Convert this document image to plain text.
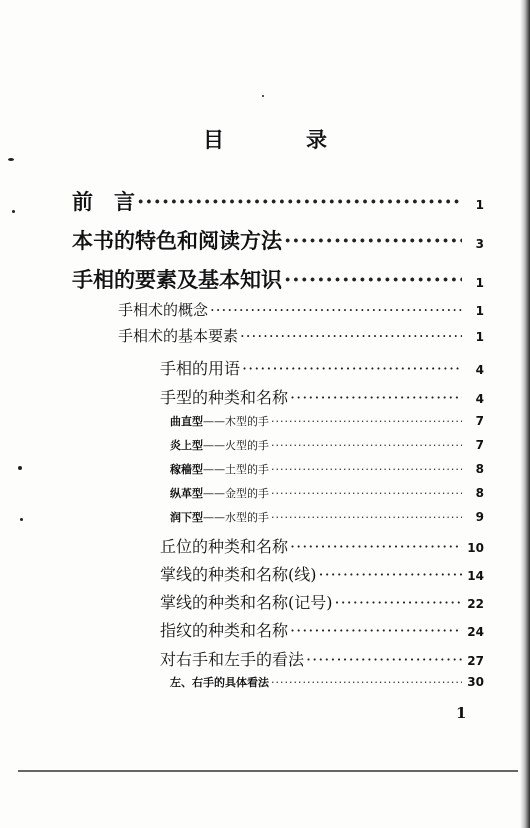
目	录
前　言 ·····	1
本书的特色和阅读方法 ·····	3
手相的要素及基本知识 ·····	1
手相术的概念 ·····	1
手相术的基本要素 ·····	1
手相的用语 ·····	4
手型的种类和名称 ·····	4
曲直型——木型的手 ·····	7
炎上型——火型的手 ·····	7
稼穑型——土型的手 ·····	8
纵革型——金型的手 ·····	8
润下型——水型的手 ·····	9
丘位的种类和名称 ·····	10
掌线的种类和名称(线) ·····	14
掌线的种类和名称(记号) ·····	22
指纹的种类和名称 ·····	24
对右手和左手的看法 ·····	27
左、右手的具体看法 ·····	30
1
